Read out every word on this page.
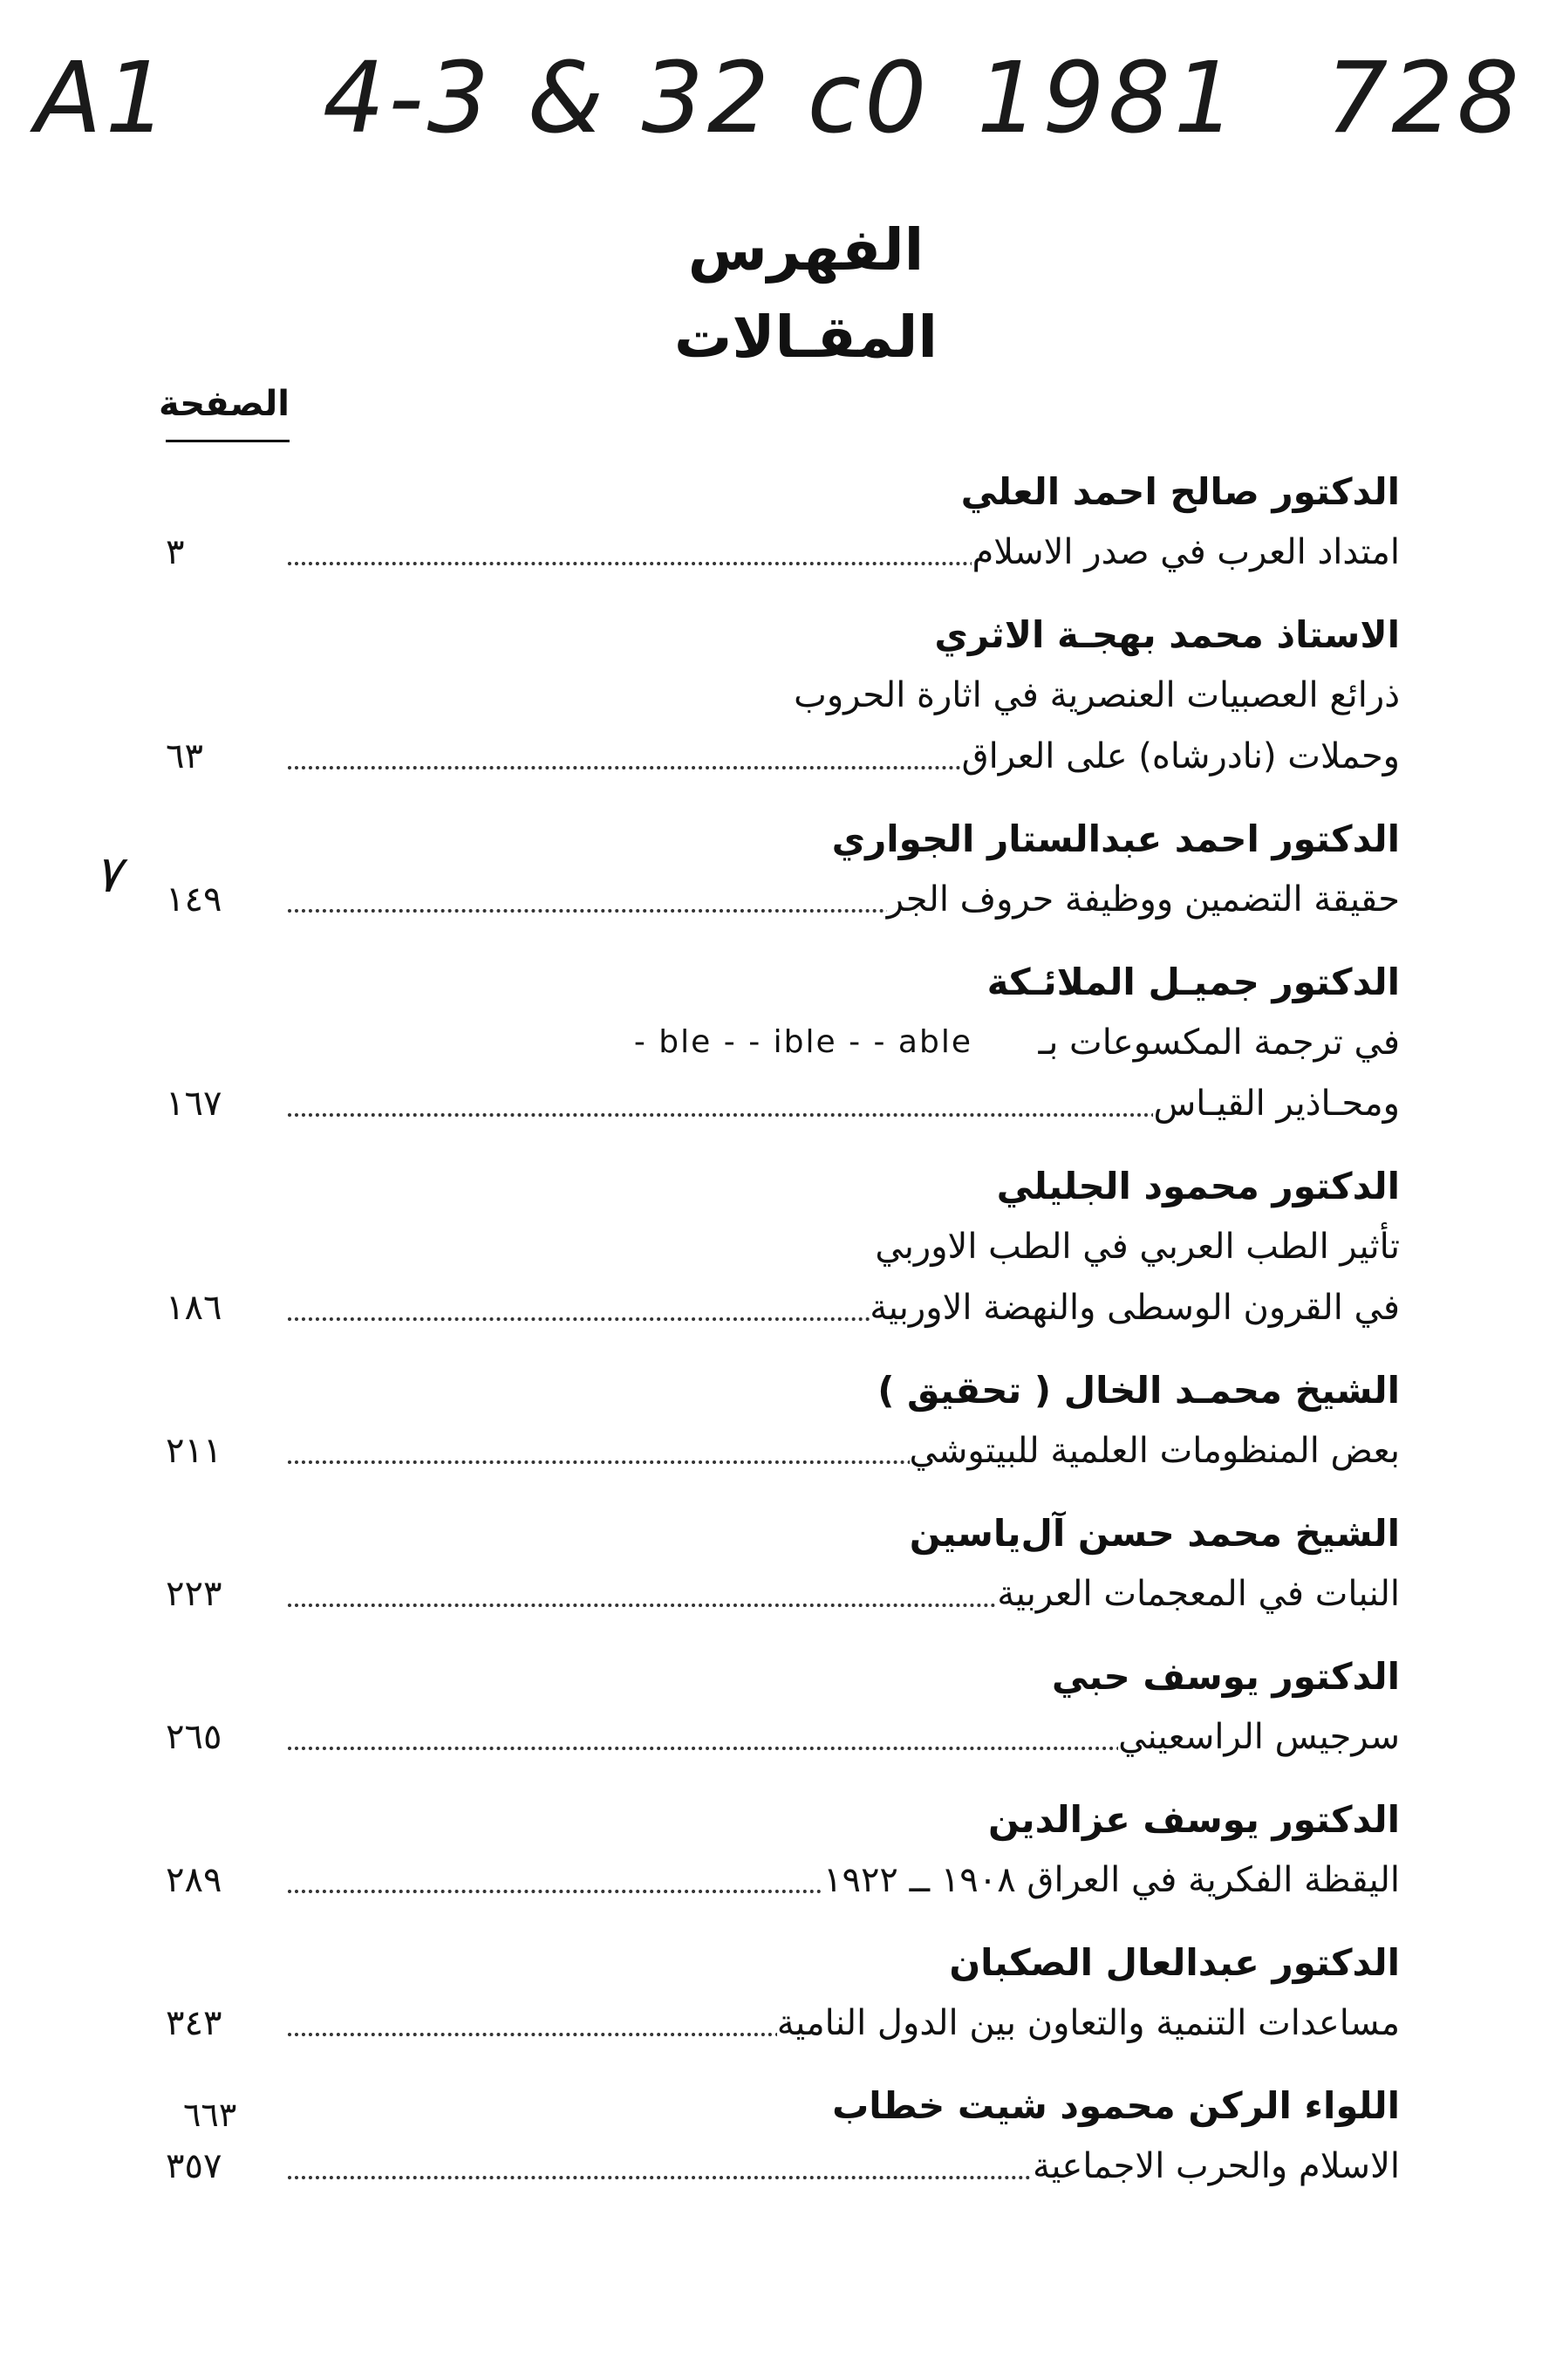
A1 4-3 & 32 c0 1981 728
الفهرس
المقـالات
الصفحة
٧
الدكتور صالح احمد العلي
٣	امتداد العرب في صدر الاسلام
الاستاذ محمد بهجـة الاثري
ذرائع العصبيات العنصرية في اثارة الحروب
٦٣	وحملات (نادرشاه) على العراق
الدكتور احمد عبدالستار الجواري
١٤٩	حقيقة التضمين ووظيفة حروف الجر
الدكتور جميـل الملائـكة
في ترجمة المكسوعات بـ
- ble - - ible - - able
١٦٧	ومحـاذير القيـاس
الدكتور محمود الجليلي
تأثير الطب العربي في الطب الاوربي
١٨٦	في القرون الوسطى والنهضة الاوربية
الشيخ محمـد الخال ( تحقيق )
٢١١	بعض المنظومات العلمية للبيتوشي
الشيخ محمد حسن آل‌ياسين
٢٢٣	النبات في المعجمات العربية
الدكتور يوسف حبي
٢٦٥	سرجيس الراسعيني
الدكتور يوسف عزالدين
٢٨٩	اليقظة الفكرية في العراق ١٩٠٨ ــ ١٩٢٢
الدكتور عبدالعال الصكبان
٣٤٣	مساعدات التنمية والتعاون بين الدول النامية
اللواء الركن محمود شيت خطاب
٣٥٧	الاسلام والحرب الاجماعية
٦٦٣
